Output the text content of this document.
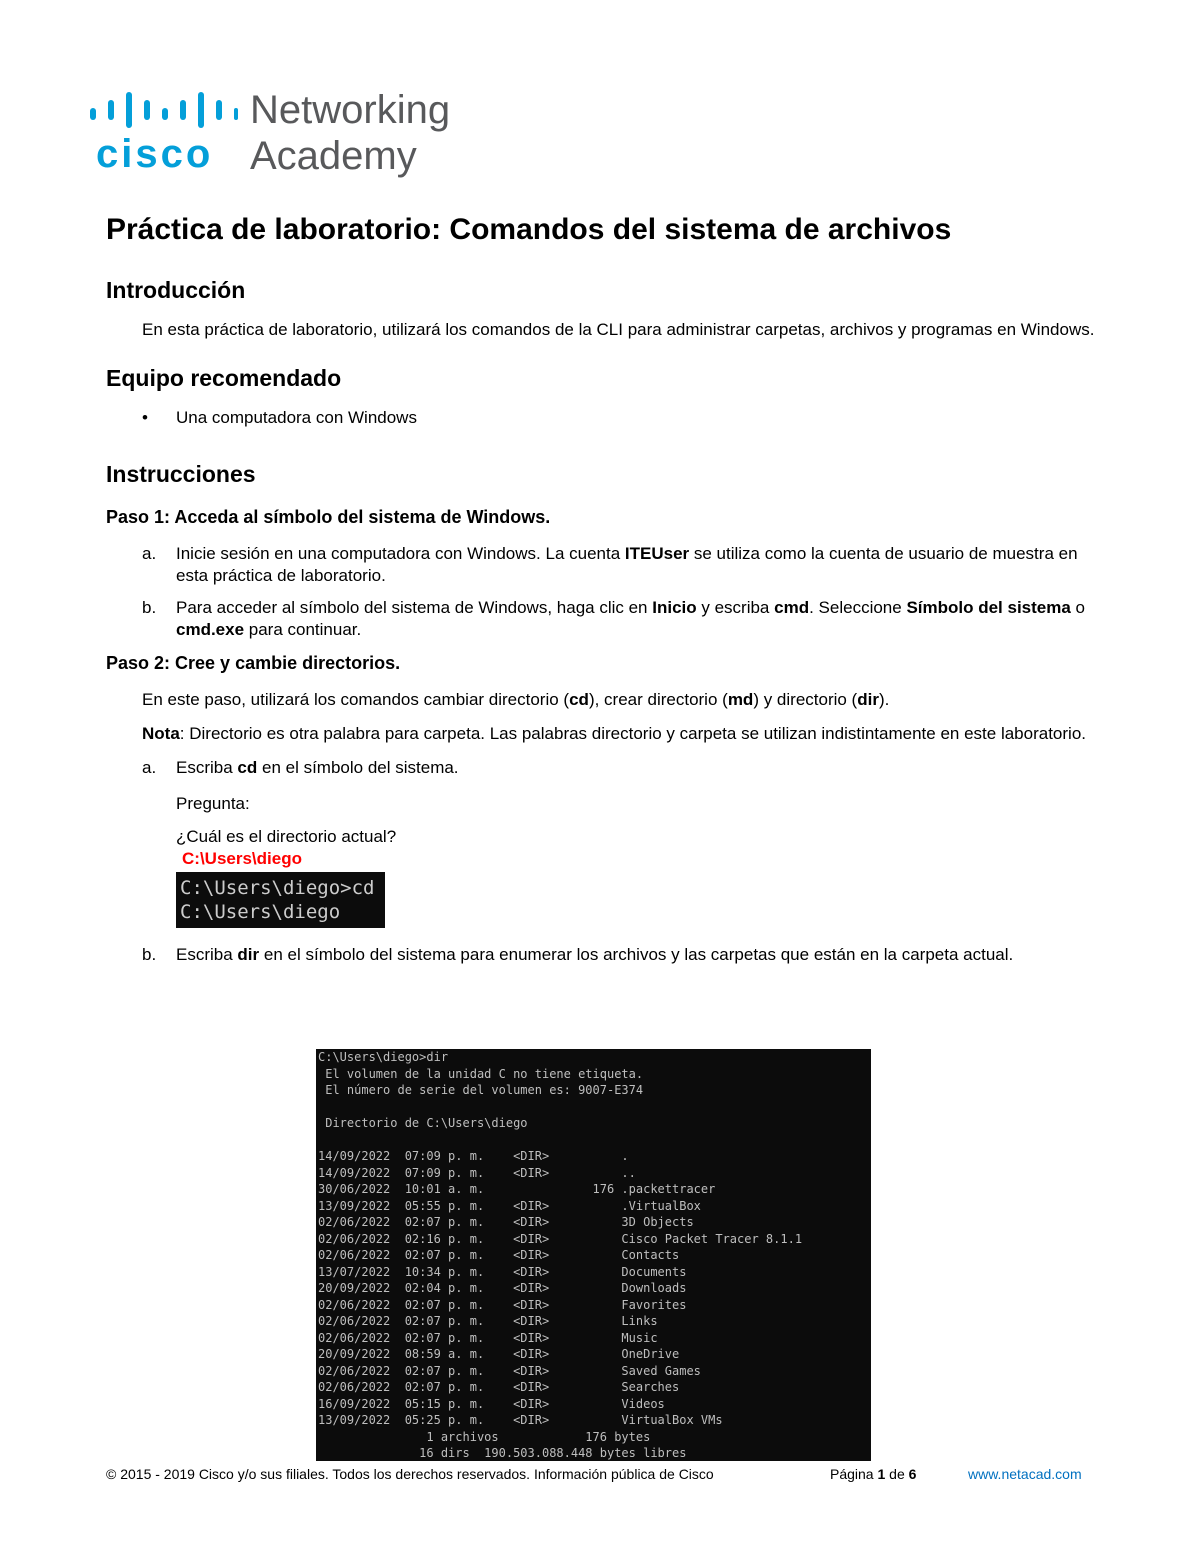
cisco
Networking
Academy
Práctica de laboratorio: Comandos del sistema de archivos
Introducción

En esta práctica de laboratorio, utilizará los comandos de la CLI para administrar carpetas, archivos y programas en Windows.

Equipo recomendado
• Una computadora con Windows
Instrucciones
Paso 1: Acceda al símbolo del sistema de Windows.
a. Inicie sesión en una computadora con Windows. La cuenta ITEUser se utiliza como la cuenta de usuario de muestra en esta práctica de laboratorio.
b. Para acceder al símbolo del sistema de Windows, haga clic en Inicio y escriba cmd. Seleccione Símbolo del sistema o cmd.exe para continuar.
Paso 2: Cree y cambie directorios.

En este paso, utilizará los comandos cambiar directorio (cd), crear directorio (md) y directorio (dir).

Nota: Directorio es otra palabra para carpeta. Las palabras directorio y carpeta se utilizan indistintamente en este laboratorio.

a. Escriba cd en el símbolo del sistema.

Pregunta:

¿Cuál es el directorio actual?

C:\Users\diego

C:\Users\diego>cd
C:\Users\diego
b. Escriba dir en el símbolo del sistema para enumerar los archivos y las carpetas que están en la carpeta actual.
C:\Users\diego>dir
El volumen de la unidad C no tiene etiqueta.
El número de serie del volumen es: 9007-E374
Directorio de C:\Users\diego
14/09/2022  07:09 p. m.    <DIR>          .
14/09/2022  07:09 p. m.    <DIR>          ..
30/06/2022  10:01 a. m.               176 .packettracer
13/09/2022  05:55 p. m.    <DIR>          .VirtualBox
02/06/2022  02:07 p. m.    <DIR>          3D Objects
02/06/2022  02:16 p. m.    <DIR>          Cisco Packet Tracer 8.1.1
02/06/2022  02:07 p. m.    <DIR>          Contacts
13/07/2022  10:34 p. m.    <DIR>          Documents
20/09/2022  02:04 p. m.    <DIR>          Downloads
02/06/2022  02:07 p. m.    <DIR>          Favorites
02/06/2022  02:07 p. m.    <DIR>          Links
02/06/2022  02:07 p. m.    <DIR>          Music
20/09/2022  08:59 a. m.    <DIR>          OneDrive
02/06/2022  02:07 p. m.    <DIR>          Saved Games
02/06/2022  02:07 p. m.    <DIR>          Searches
16/09/2022  05:15 p. m.    <DIR>          Videos
13/09/2022  05:25 p. m.    <DIR>          VirtualBox VMs
1 archivos            176 bytes
16 dirs  190.503.088.448 bytes libres
© 2015 - 2019 Cisco y/o sus filiales. Todos los derechos reservados. Información pública de Cisco	Página 1 de 6	www.netacad.com
